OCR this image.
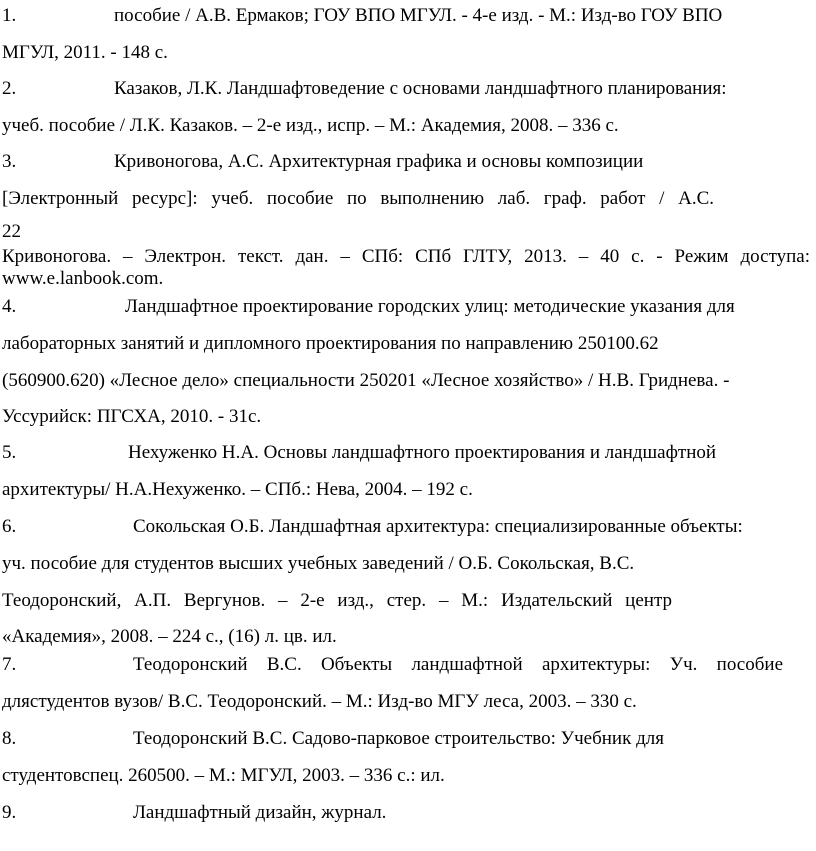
1.	пособие / А.В. Ермаков; ГОУ ВПО МГУЛ. - 4-е изд. - М.: Изд-во ГОУ ВПО
МГУЛ, 2011. - 148 с.
2.	Казаков, Л.К. Ландшафтоведение с основами ландшафтного планирования:
учеб. пособие / Л.К. Казаков. – 2-е изд., испр. – М.: Академия, 2008. – 336 с.
3.	Кривоногова, А.С. Архитектурная графика и основы композиции
[Электронный ресурс]: учеб. пособие по выполнению лаб. граф. работ / А.С.
22
Кривоногова. – Электрон. текст. дан. – СПб: СПб ГЛТУ, 2013. – 40 с. - Режим доступа:
www.e.lanbook.com.
4.	Ландшафтное проектирование городских улиц: методические указания для
лабораторных занятий и дипломного проектирования по направлению 250100.62
(560900.620) «Лесное дело» специальности 250201 «Лесное хозяйство» / Н.В. Гриднева. -
Уссурийск: ПГСХА, 2010. - 31с.
5.	Нехуженко Н.А. Основы ландшафтного проектирования и ландшафтной
архитектуры/ Н.А.Нехуженко. – СПб.: Нева, 2004. – 192 с.
6.	Сокольская О.Б. Ландшафтная архитектура: специализированные объекты:
уч. пособие для студентов высших учебных заведений / О.Б. Сокольская, В.С.
Теодоронский, А.П. Вергунов. – 2-е изд., стер. – М.: Издательский центр
«Академия», 2008. – 224 с., (16) л. цв. ил.
7.	Теодоронский В.С. Объекты ландшафтной архитектуры: Уч. пособие
длястудентов вузов/ В.С. Теодоронский. – М.: Изд-во МГУ леса, 2003. – 330 с.
8.	Теодоронский В.С. Садово-парковое строительство: Учебник для
студентовспец. 260500. – М.: МГУЛ, 2003. – 336 с.: ил.
9.	Ландшафтный дизайн, журнал.
